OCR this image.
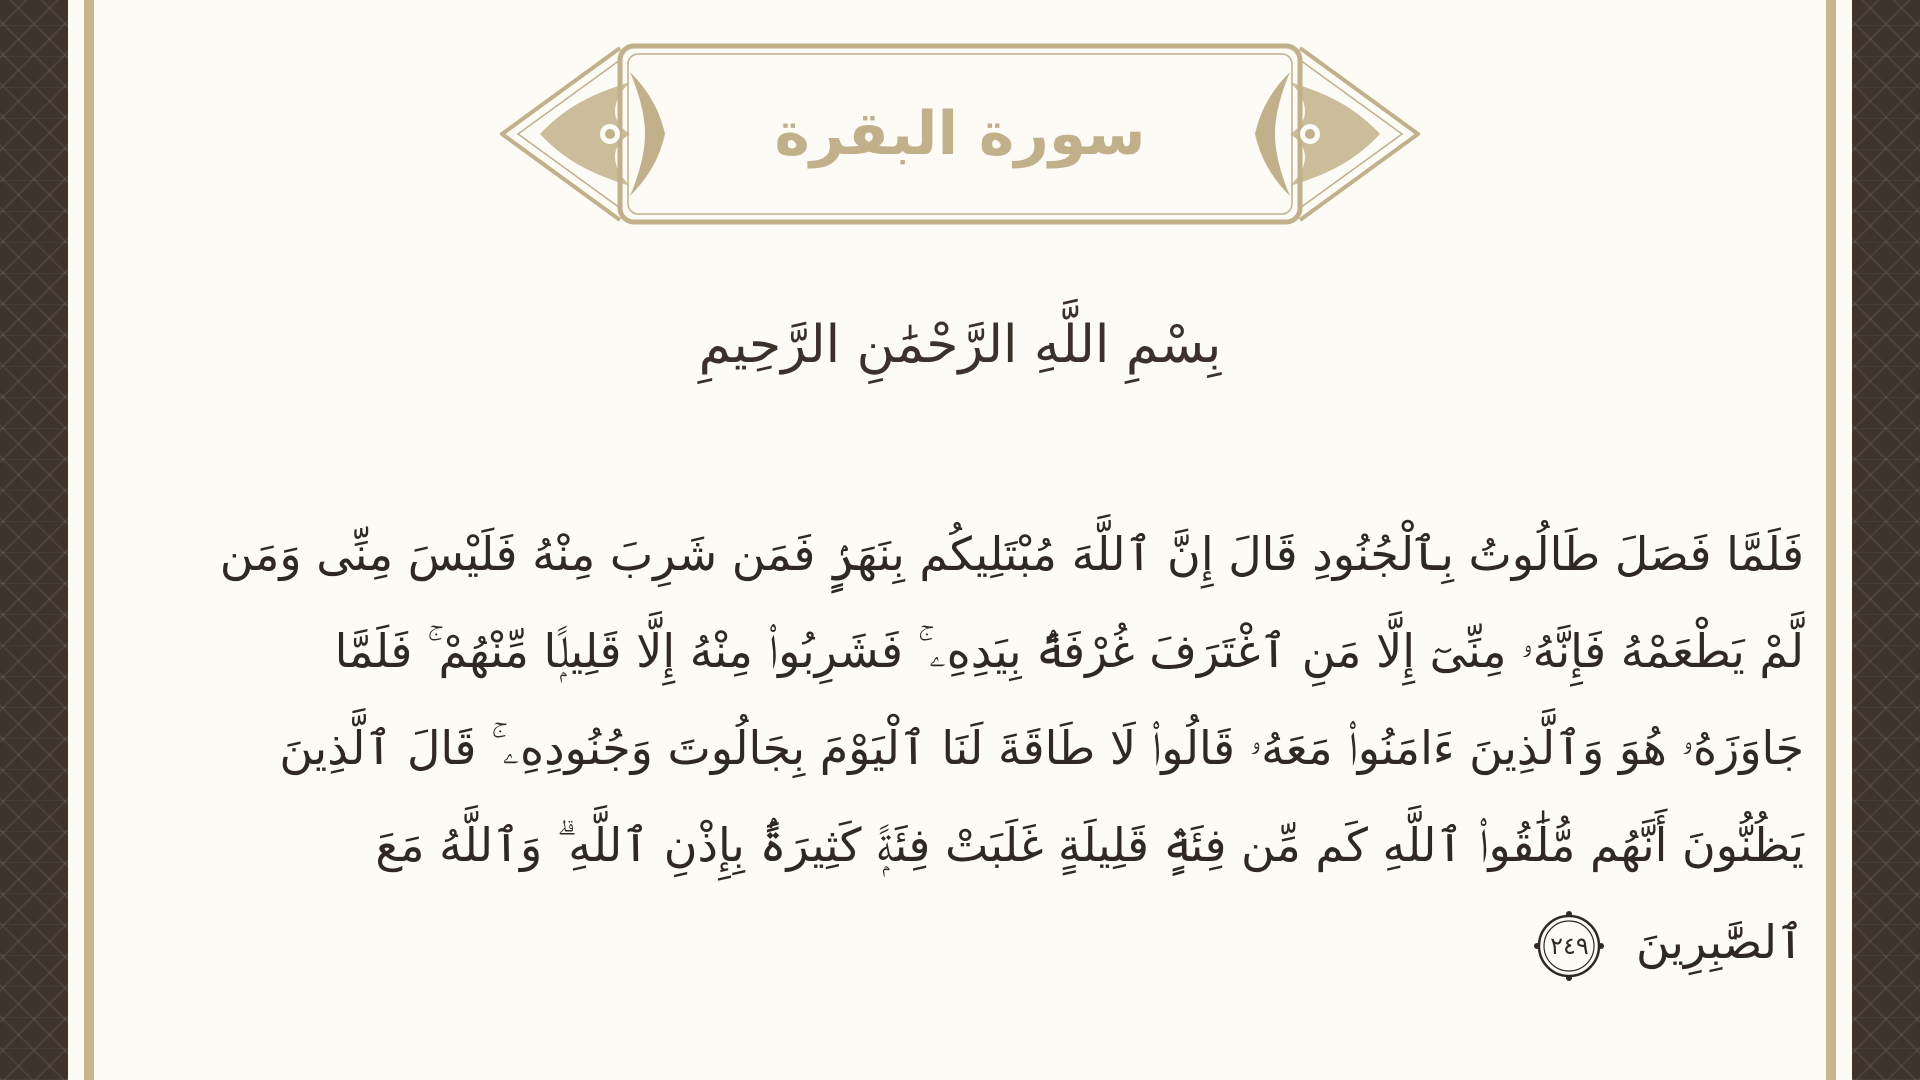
سورة البقرة
بِسْمِ اللَّهِ الرَّحْمَٰنِ الرَّحِيمِ
فَلَمَّا فَصَلَ طَالُوتُ بِٱلْجُنُودِ قَالَ إِنَّ ٱللَّهَ مُبْتَلِيكُم بِنَهَرٍۢ فَمَن شَرِبَ مِنْهُ فَلَيْسَ مِنِّى وَمَن لَّمْ يَطْعَمْهُ فَإِنَّهُۥ مِنِّىٓ إِلَّا مَنِ ٱغْتَرَفَ غُرْفَةًۢ بِيَدِهِۦ ۚ فَشَرِبُوا۟ مِنْهُ إِلَّا قَلِيلًۭا مِّنْهُمْ ۚ فَلَمَّا جَاوَزَهُۥ هُوَ وَٱلَّذِينَ ءَامَنُوا۟ مَعَهُۥ قَالُوا۟ لَا طَاقَةَ لَنَا ٱلْيَوْمَ بِجَالُوتَ وَجُنُودِهِۦ ۚ قَالَ ٱلَّذِينَ يَظُنُّونَ أَنَّهُم مُّلَٰقُوا۟ ٱللَّهِ كَم مِّن فِئَةٍۢ قَلِيلَةٍ غَلَبَتْ فِئَةًۭ كَثِيرَةًۢ بِإِذْنِ ٱللَّهِ ۗ وَٱللَّهُ مَعَ ٱلصَّٰبِرِينَ
٢٤٩
